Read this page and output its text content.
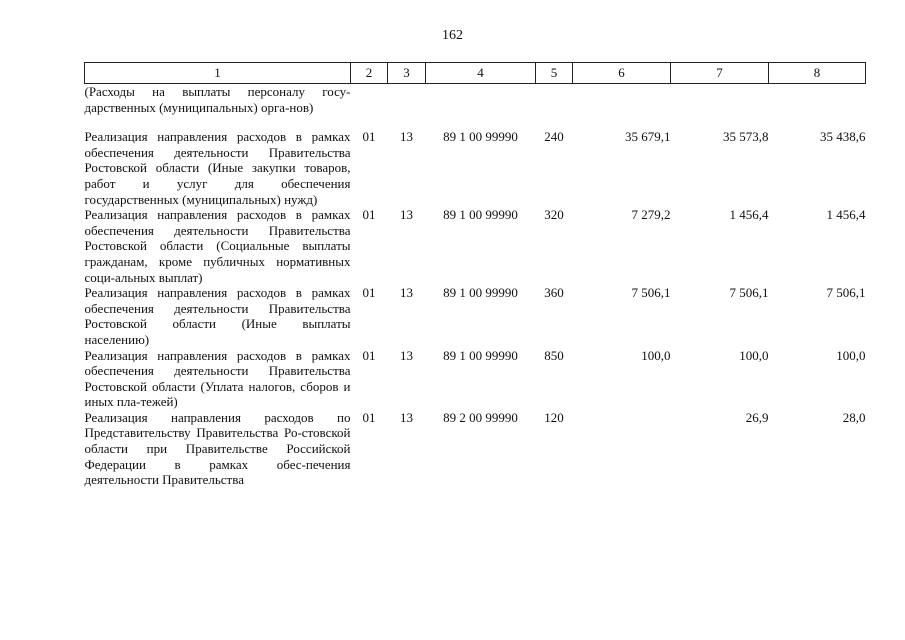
162
1	2	3	4	5	6	7	8
(Расходы на выплаты персоналу госу-дарственных (муниципальных) орга-нов)							
Реализация направления расходов в рамках обеспечения деятельности Правительства Ростовской области (Иные закупки товаров, работ и услуг для обеспечения государственных (муниципальных) нужд)	01	13	89 1 00 99990	240	35 679,1	35 573,8	35 438,6
Реализация направления расходов в рамках обеспечения деятельности Правительства Ростовской области (Социальные выплаты гражданам, кроме публичных нормативных соци-альных выплат)	01	13	89 1 00 99990	320	7 279,2	1 456,4	1 456,4
Реализация направления расходов в рамках обеспечения деятельности Правительства Ростовской области (Иные выплаты населению)	01	13	89 1 00 99990	360	7 506,1	7 506,1	7 506,1
Реализация направления расходов в рамках обеспечения деятельности Правительства Ростовской области (Уплата налогов, сборов и иных пла-тежей)	01	13	89 1 00 99990	850	100,0	100,0	100,0
Реализация направления расходов по Представительству Правительства Ро-стовской области при Правительстве Российской Федерации в рамках обес-печения деятельности Правительства	01	13	89 2 00 99990	120		26,9	28,0
